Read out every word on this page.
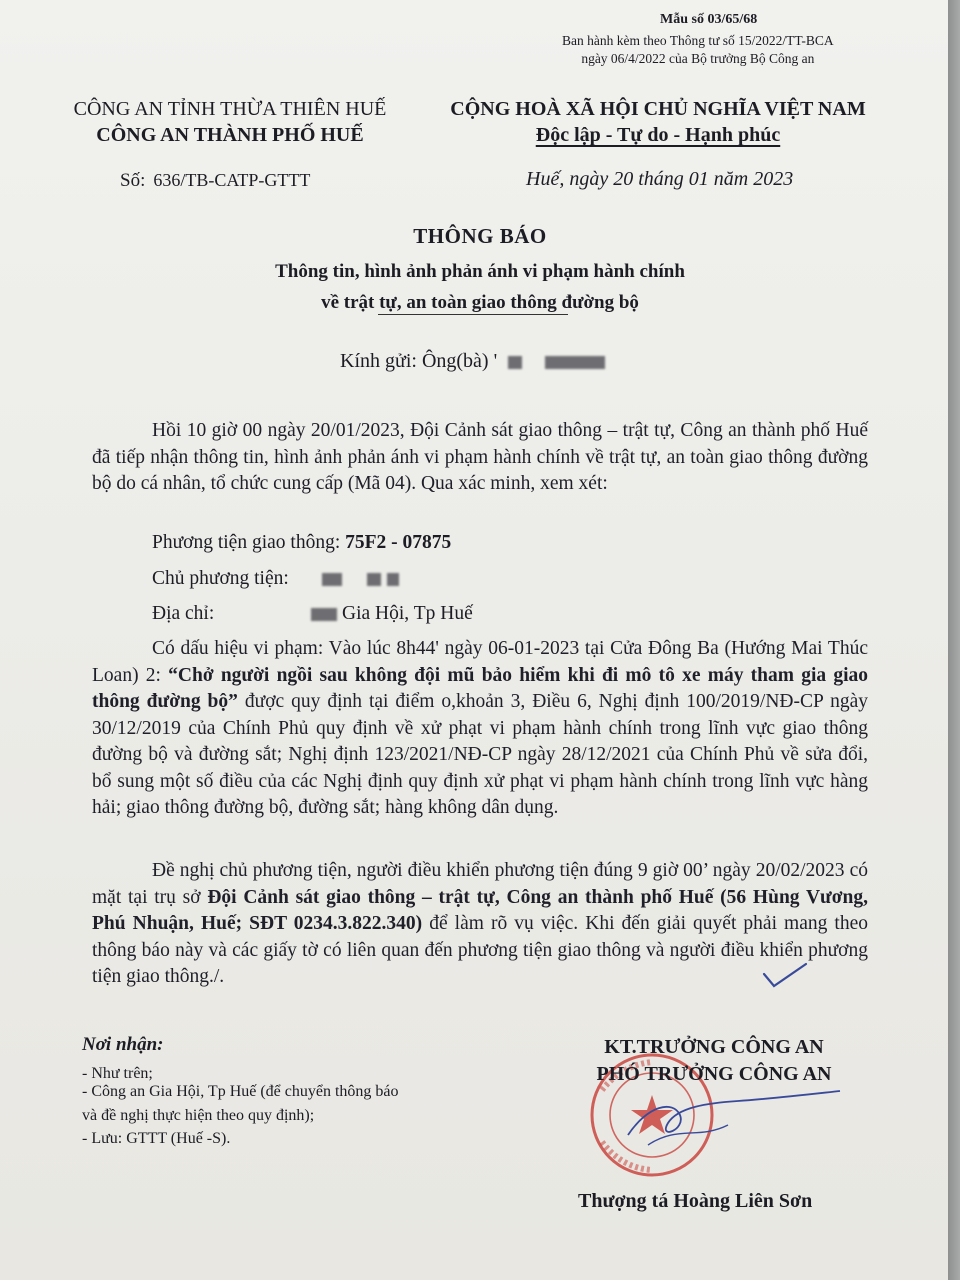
Mẫu số 03/65/68
Ban hành kèm theo Thông tư số 15/2022/TT-BCA
ngày 06/4/2022 của Bộ trưởng Bộ Công an
CÔNG AN TỈNH THỪA THIÊN HUẾ
CÔNG AN THÀNH PHỐ HUẾ
CỘNG HOÀ XÃ HỘI CHỦ NGHĨA VIỆT NAM
Độc lập - Tự do - Hạnh phúc
Số: 636/TB-CATP-GTTT	Huế, ngày 20 tháng 01 năm 2023
THÔNG BÁO
Thông tin, hình ảnh phản ánh vi phạm hành chính
về trật tự, an toàn giao thông đường bộ
Kính gửi: Ông(bà) '
Hồi 10 giờ 00 ngày 20/01/2023, Đội Cảnh sát giao thông – trật tự, Công an thành phố Huế đã tiếp nhận thông tin, hình ảnh phản ánh vi phạm hành chính về trật tự, an toàn giao thông đường bộ do cá nhân, tổ chức cung cấp (Mã 04). Qua xác minh, xem xét:
Phương tiện giao thông: 75F2 - 07875
Chủ phương tiện:
Địa chỉ:	Gia Hội, Tp Huế
Có dấu hiệu vi phạm: Vào lúc 8h44' ngày 06-01-2023 tại Cửa Đông Ba (Hướng Mai Thúc Loan) 2: “Chở người ngồi sau không đội mũ bảo hiểm khi đi mô tô xe máy tham gia giao thông đường bộ” được quy định tại điểm o,khoản 3, Điều 6, Nghị định 100/2019/NĐ-CP ngày 30/12/2019 của Chính Phủ quy định về xử phạt vi phạm hành chính trong lĩnh vực giao thông đường bộ và đường sắt; Nghị định 123/2021/NĐ-CP ngày 28/12/2021 của Chính Phủ về sửa đổi, bổ sung một số điều của các Nghị định quy định xử phạt vi phạm hành chính trong lĩnh vực hàng hải; giao thông đường bộ, đường sắt; hàng không dân dụng.
Đề nghị chủ phương tiện, người điều khiển phương tiện đúng 9 giờ 00’ ngày 20/02/2023 có mặt tại trụ sở Đội Cảnh sát giao thông – trật tự, Công an thành phố Huế (56 Hùng Vương, Phú Nhuận, Huế; SĐT 0234.3.822.340) để làm rõ vụ việc. Khi đến giải quyết phải mang theo thông báo này và các giấy tờ có liên quan đến phương tiện giao thông và người điều khiển phương tiện giao thông./.
Nơi nhận:
- Như trên;
- Công an Gia Hội, Tp Huế (để chuyển thông báo
và đề nghị thực hiện theo quy định);
- Lưu: GTTT (Huế -S).
KT.TRƯỞNG CÔNG AN
PHÓ TRƯỞNG CÔNG AN
Thượng tá Hoàng Liên Sơn
